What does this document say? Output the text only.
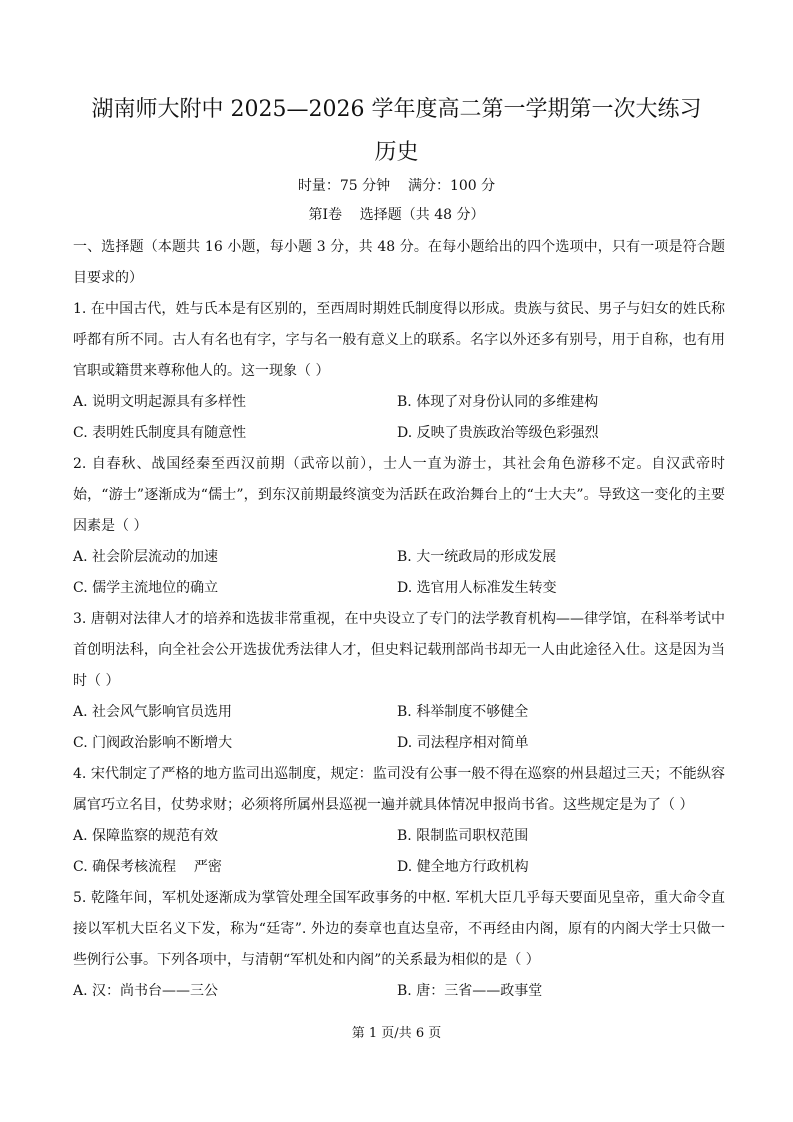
湖南师大附中 2025—2026 学年度高二第一学期第一次大练习
历史
时量：75 分钟    满分：100 分
第Ⅰ卷    选择题（共 48 分）

一、选择题（本题共 16 小题，每小题 3 分，共 48 分。在每小题给出的四个选项中，只有一项是符合题目要求的）

1. 在中国古代，姓与氏本是有区别的，至西周时期姓氏制度得以形成。贵族与贫民、男子与妇女的姓氏称呼都有所不同。古人有名也有字，字与名一般有意义上的联系。名字以外还多有别号，用于自称，也有用官职或籍贯来尊称他人的。这一现象（ ）

A. 说明文明起源具有多样性	B. 体现了对身份认同的多维建构
C. 表明姓氏制度具有随意性	D. 反映了贵族政治等级色彩强烈

2. 自春秋、战国经秦至西汉前期（武帝以前），士人一直为游士，其社会角色游移不定。自汉武帝时始，“游士”逐渐成为“儒士”，到东汉前期最终演变为活跃在政治舞台上的“士大夫”。导致这一变化的主要因素是（ ）

A. 社会阶层流动的加速	B. 大一统政局的形成发展
C. 儒学主流地位的确立	D. 选官用人标准发生转变

3. 唐朝对法律人才的培养和选拔非常重视，在中央设立了专门的法学教育机构——律学馆，在科举考试中首创明法科，向全社会公开选拔优秀法律人才，但史料记载刑部尚书却无一人由此途径入仕。这是因为当时（ ）

A. 社会风气影响官员选用	B. 科举制度不够健全
C. 门阀政治影响不断增大	D. 司法程序相对简单

4. 宋代制定了严格的地方监司出巡制度，规定：监司没有公事一般不得在巡察的州县超过三天；不能纵容属官巧立名目，仗势求财；必须将所属州县巡视一遍并就具体情况申报尚书省。这些规定是为了（ ）

A. 保障监察的规范有效	B. 限制监司职权范围
C. 确保考核流程    严密	D. 健全地方行政机构

5. 乾隆年间，军机处逐渐成为掌管处理全国军政事务的中枢. 军机大臣几乎每天要面见皇帝，重大命令直接以军机大臣名义下发，称为“廷寄”. 外边的奏章也直达皇帝，不再经由内阁，原有的内阁大学士只做一些例行公事。下列各项中，与清朝“军机处和内阁”的关系最为相似的是（ ）

A. 汉：尚书台——三公	B. 唐：三省——政事堂
第 1 页/共 6 页
